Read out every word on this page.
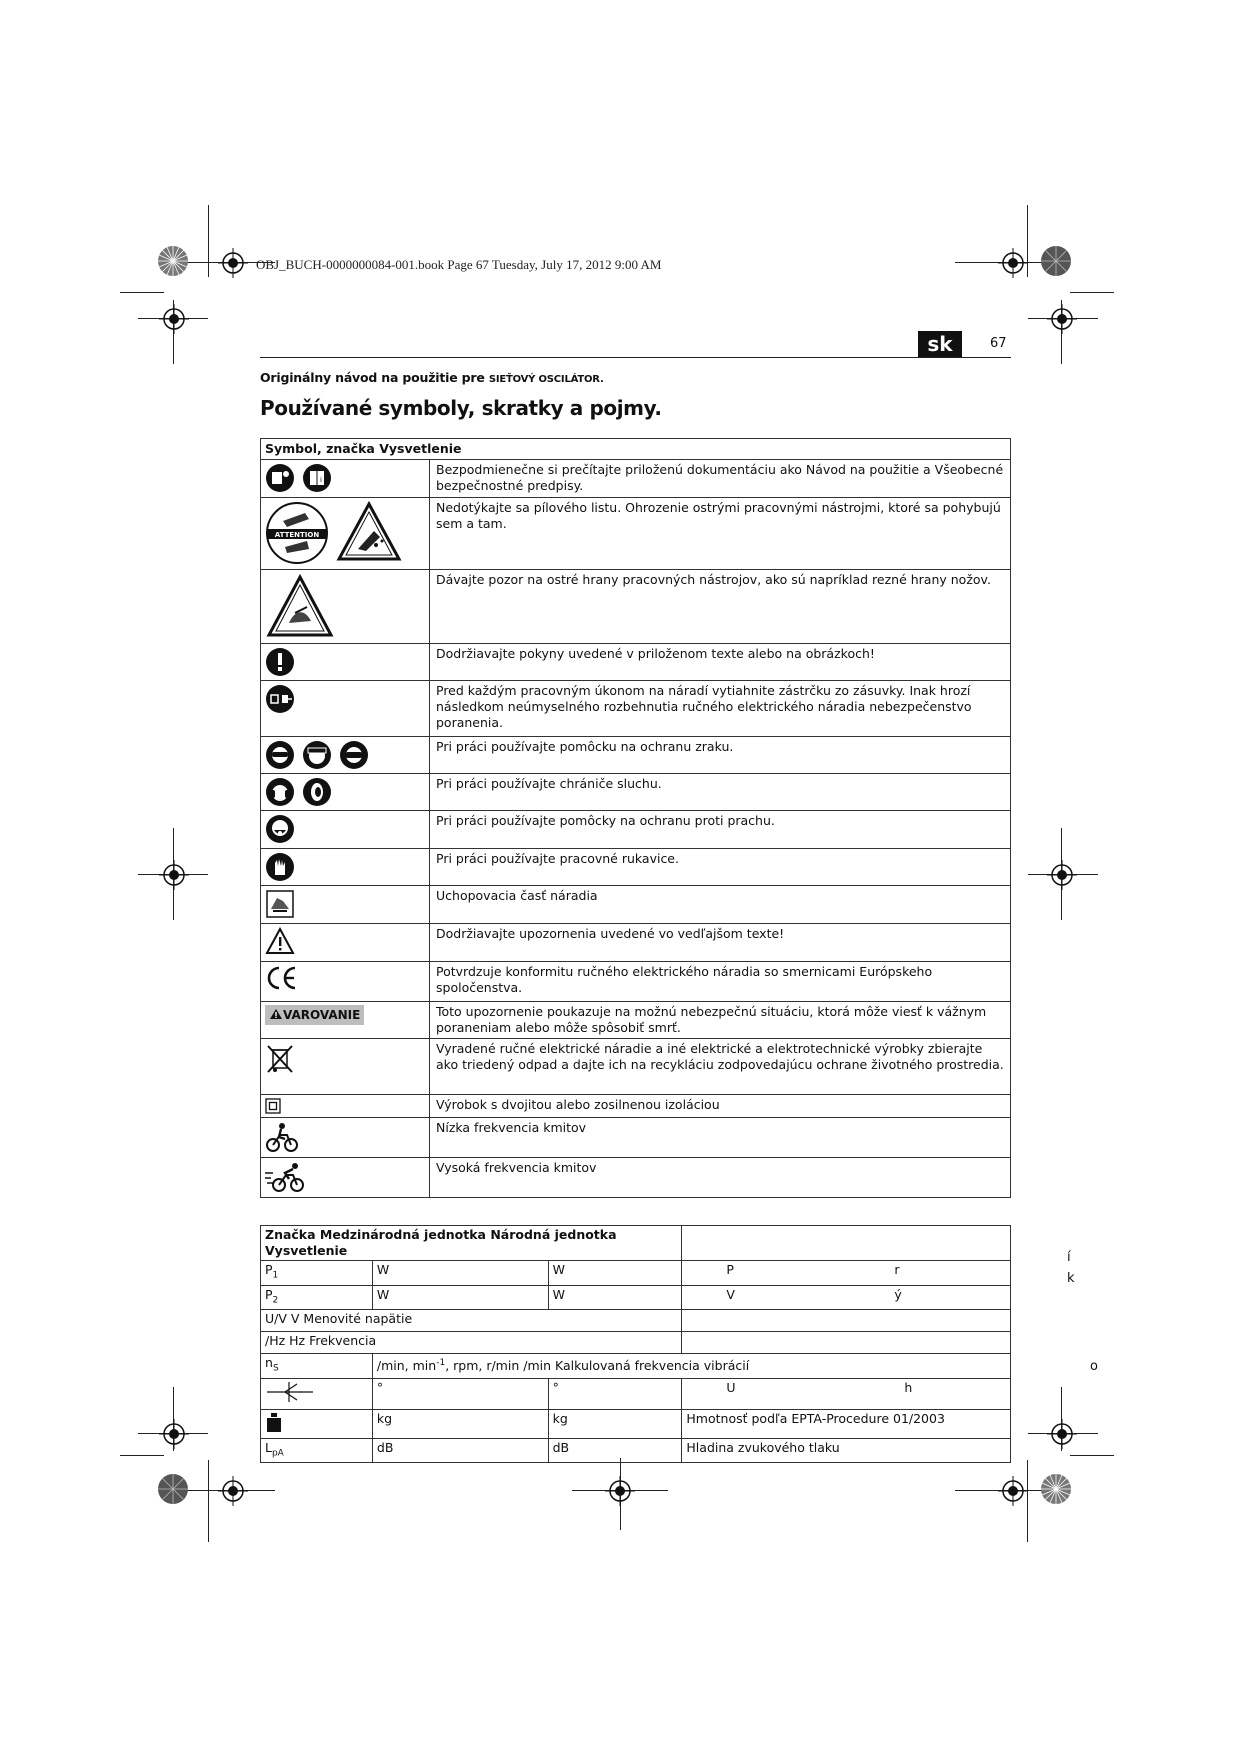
OBJ_BUCH-0000000084-001.book Page 67 Tuesday, July 17, 2012 9:00 AM
sk	67
Originálny návod na použitie pre SIEŤOVÝ OSCILÁTOR.
Používané symboly, skratky a pojmy.
Symbol, značka Vysvetlenie	

i	Bezpodmienečne si prečítajte priloženú dokumentáciu ako Návod na použitie a Všeobecné bezpečnostné predpisy.

ATTENTION	Nedotýkajte sa pílového listu. Ohrozenie ostrými pracovnými nástrojmi, ktoré sa pohybujú sem a tam.
	Dávajte pozor na ostré hrany pracovných nástrojov, ako sú napríklad rezné hrany nožov.
	Dodržiavajte pokyny uvedené v priloženom texte alebo na obrázkoch!
	Pred každým pracovným úkonom na náradí vytiahnite zástrčku zo zásuvky. Inak hrozí následkom neúmyselného rozbehnutia ručného elektrického náradia nebezpečenstvo poranenia.
	Pri práci používajte pomôcku na ochranu zraku.
	Pri práci používajte chrániče sluchu.
	Pri práci používajte pomôcky na ochranu proti prachu.
	Pri práci používajte pracovné rukavice.
	Uchopovacia časť náradia
	Dodržiavajte upozornenia uvedené vo vedľajšom texte!
	Potvrdzuje konformitu ručného elektrického náradia so smernicami Európskeho spoločenstva.
VAROVANIE	Toto upozornenie poukazuje na možnú nebezpečnú situáciu, ktorá môže viesť k vážnym poraneniam alebo môže spôsobiť smrť.
	Vyradené ručné elektrické náradie a iné elektrické a elektrotechnické výrobky zbierajte ako triedený odpad a dajte ich na recykláciu zodpovedajúcu ochrane životného prostredia.
	Výrobok s dvojitou alebo zosilnenou izoláciou
	Nízka frekvencia kmitov
	Vysoká frekvencia kmitov
Značka Medzinárodná jednotka Národná jednotka Vysvetlenie			
$P_1$	W	W	P r

$P_2$	W	W	V ý

U/V V Menovité napätie			
/Hz Hz Frekvencia			
$n_S$	/min, $\min^{-1}$, rpm, r/min /min Kalkulovaná frekvencia vibrácií		
	°	°	U h

	kg	kg	Hmotnosť podľa EPTA-Procedure 01/2003
$L_{pA}$	dB	dB	Hladina zvukového tlaku
í
k
o
